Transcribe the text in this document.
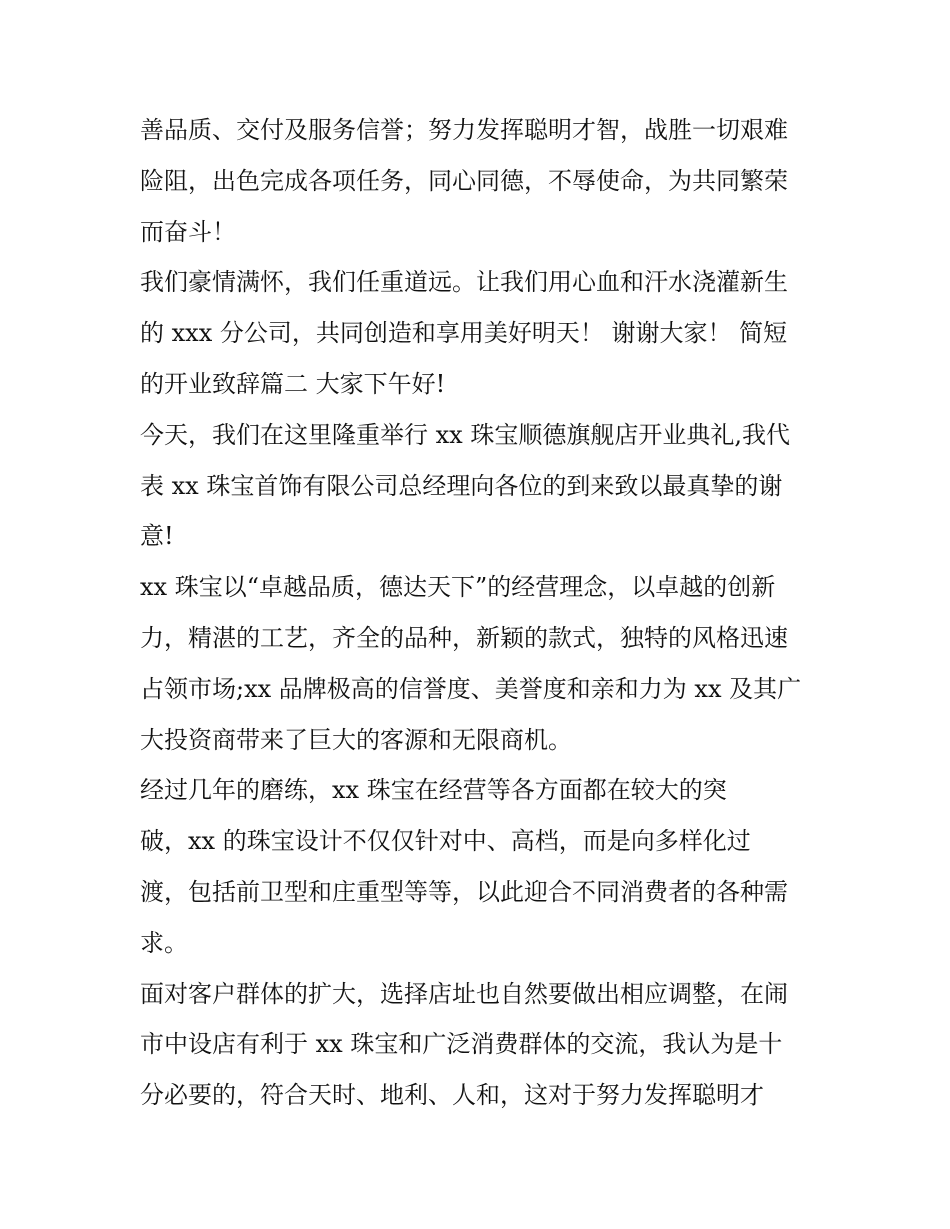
善品质、交付及服务信誉；努力发挥聪明才智，战胜一切艰难
险阻，出色完成各项任务，同心同德，不辱使命，为共同繁荣
而奋斗！
我们豪情满怀，我们任重道远。让我们用心血和汗水浇灌新生
的 xxx 分公司，共同创造和享用美好明天！ 谢谢大家！ 简短
的开业致辞篇二 大家下午好!
今天，我们在这里隆重举行 xx 珠宝顺德旗舰店开业典礼,我代
表 xx 珠宝首饰有限公司总经理向各位的到来致以最真挚的谢
意!
xx 珠宝以“卓越品质，德达天下”的经营理念，以卓越的创新
力，精湛的工艺，齐全的品种，新颖的款式，独特的风格迅速
占领市场;xx 品牌极高的信誉度、美誉度和亲和力为 xx 及其广
大投资商带来了巨大的客源和无限商机。
经过几年的磨练，xx 珠宝在经营等各方面都在较大的突
破，xx 的珠宝设计不仅仅针对中、高档，而是向多样化过
渡，包括前卫型和庄重型等等，以此迎合不同消费者的各种需
求。
面对客户群体的扩大，选择店址也自然要做出相应调整，在闹
市中设店有利于 xx 珠宝和广泛消费群体的交流，我认为是十
分必要的，符合天时、地利、人和，这对于努力发挥聪明才
